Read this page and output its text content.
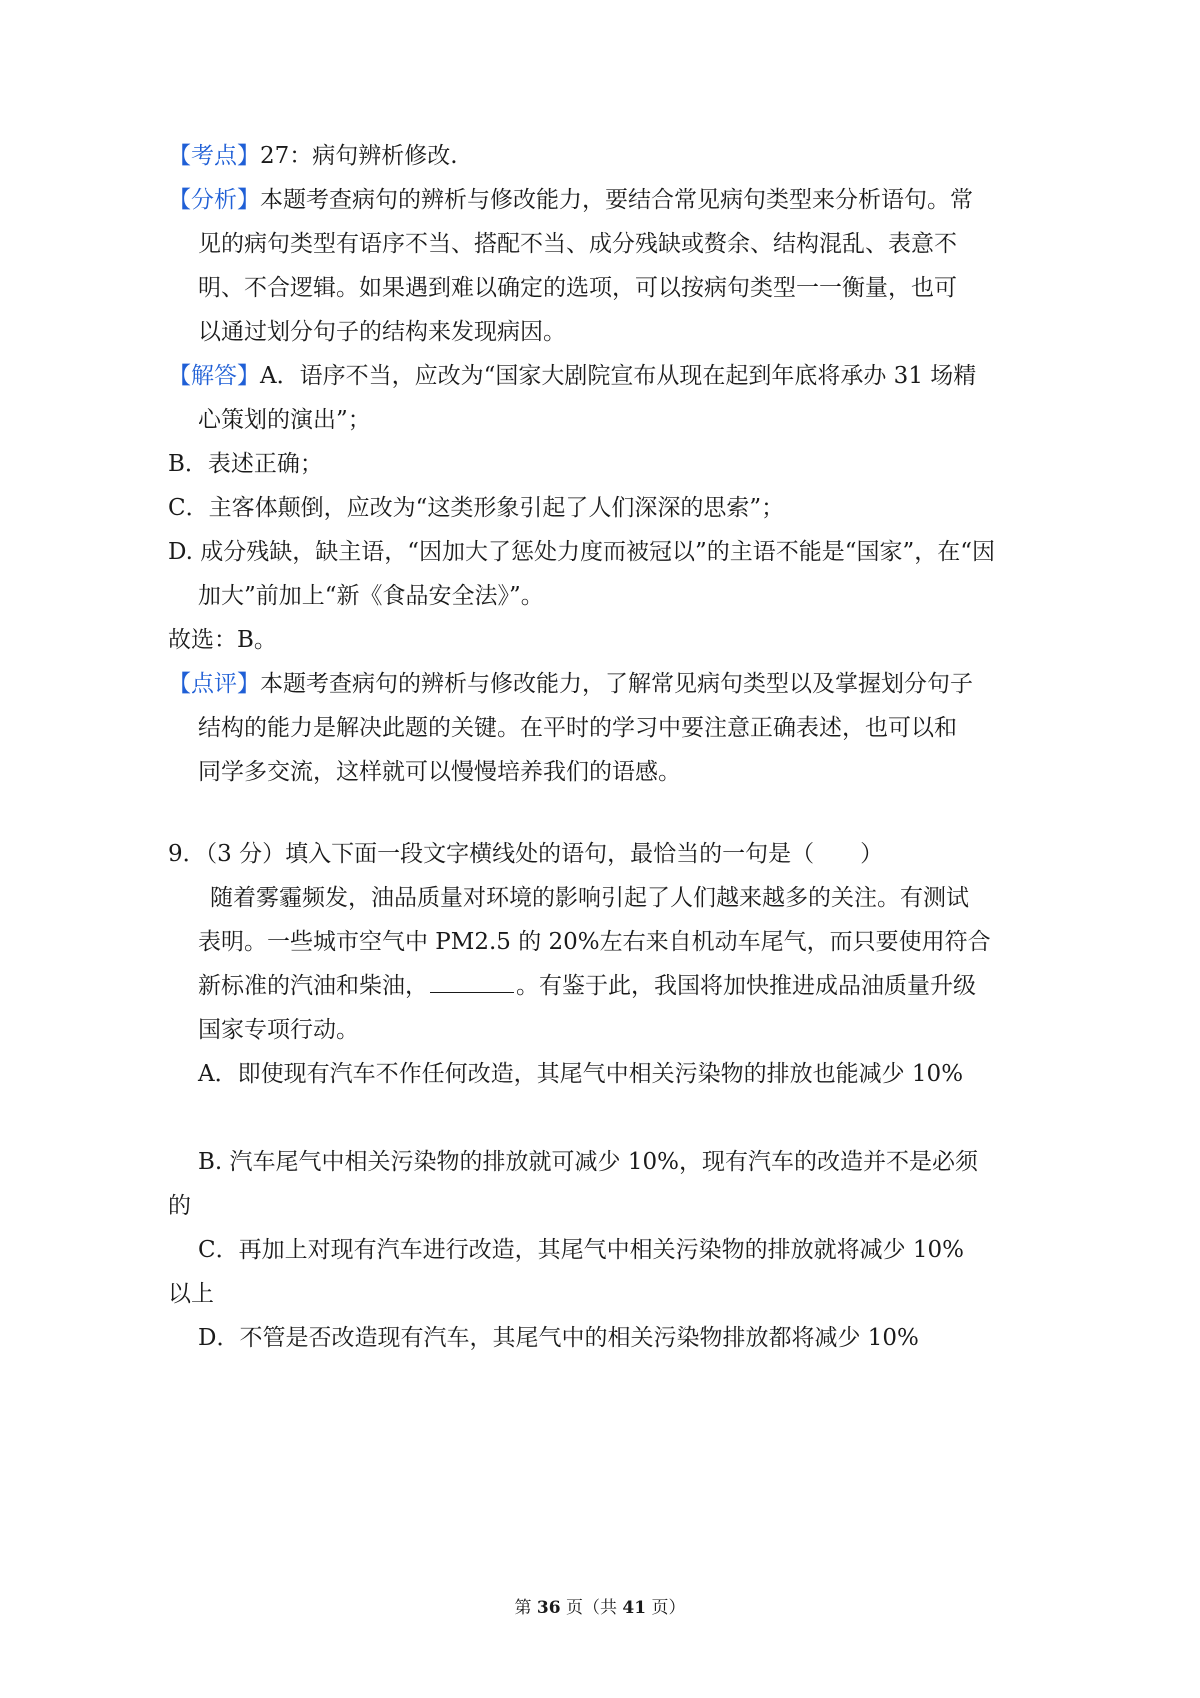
【考点】27：病句辨析修改.
【分析】本题考查病句的辨析与修改能力，要结合常见病句类型来分析语句。常
见的病句类型有语序不当、搭配不当、成分残缺或赘余、结构混乱、表意不
明、不合逻辑。如果遇到难以确定的选项，可以按病句类型一一衡量，也可
以通过划分句子的结构来发现病因。
【解答】A．语序不当，应改为“国家大剧院宣布从现在起到年底将承办 31 场精
心策划的演出”；
B．表述正确；
C．主客体颠倒，应改为“这类形象引起了人们深深的思索”；
D. 成分残缺，缺主语，“因加大了惩处力度而被冠以”的主语不能是“国家”，在“因
加大”前加上“新《食品安全法》”。
故选：B。
【点评】本题考查病句的辨析与修改能力，了解常见病句类型以及掌握划分句子
结构的能力是解决此题的关键。在平时的学习中要注意正确表述，也可以和
同学多交流，这样就可以慢慢培养我们的语感。
9．（3 分）填入下面一段文字横线处的语句，最恰当的一句是（　　）
随着雾霾频发，油品质量对环境的影响引起了人们越来越多的关注。有测试
表明。一些城市空气中 PM2.5 的 20%左右来自机动车尾气，而只要使用符合
新标准的汽油和柴油，	。有鉴于此，我国将加快推进成品油质量升级
国家专项行动。
A．即使现有汽车不作任何改造，其尾气中相关污染物的排放也能减少 10%
B. 汽车尾气中相关污染物的排放就可减少 10%，现有汽车的改造并不是必须
的
C．再加上对现有汽车进行改造，其尾气中相关污染物的排放就将减少 10%
以上
D．不管是否改造现有汽车，其尾气中的相关污染物排放都将减少 10%
第 36 页（共 41 页）
